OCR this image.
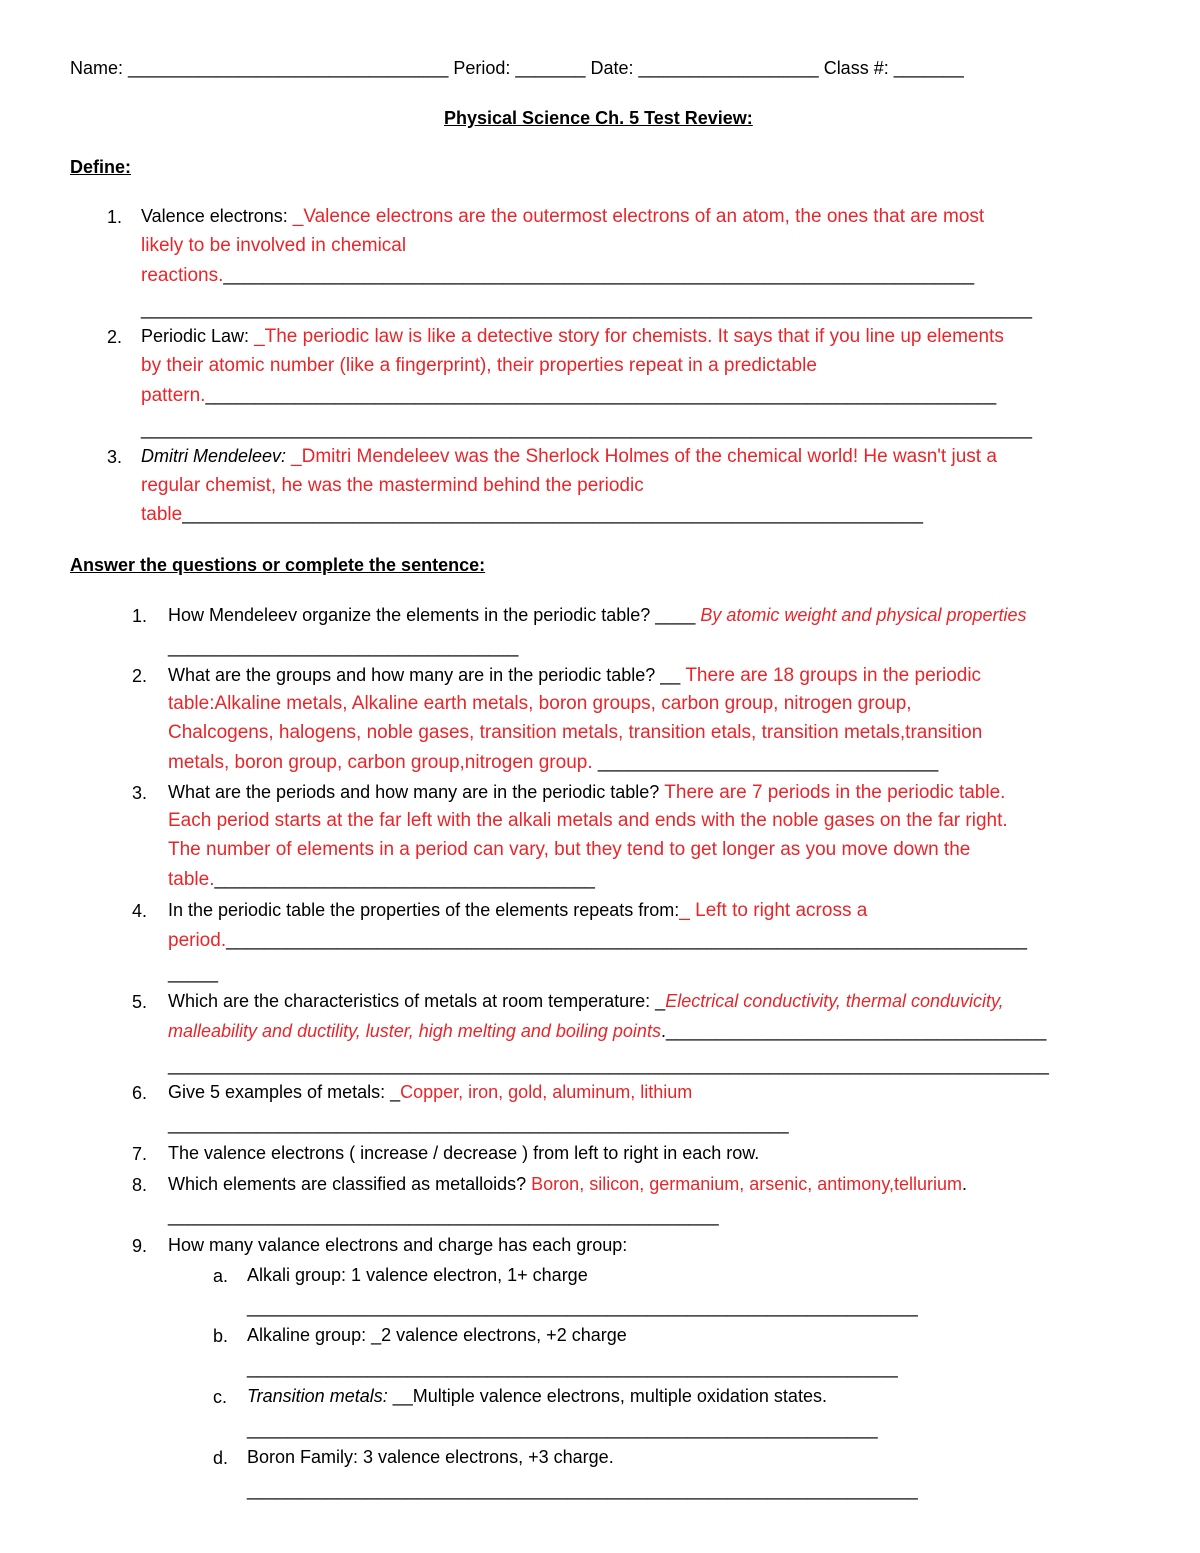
Name: ________________________________ Period: _______ Date: __________________ Class #: _______
Physical Science Ch. 5 Test Review:
Define:
1. Valence electrons: _Valence electrons are the outermost electrons of an atom, the ones that are most
likely to be involved in chemical
reactions.___________________________________________________________________________
_________________________________________________________________________________________
2. Periodic Law: _The periodic law is like a detective story for chemists. It says that if you line up elements
by their atomic number (like a fingerprint), their properties repeat in a predictable
pattern._______________________________________________________________________________
_________________________________________________________________________________________
3. Dmitri Mendeleev: _Dmitri Mendeleev was the Sherlock Holmes of the chemical world! He wasn't just a
regular chemist, he was the mastermind behind the periodic
table__________________________________________________________________________
Answer the questions or complete the sentence:
1. How Mendeleev organize the elements in the periodic table? ____ By atomic weight and physical properties
___________________________________
2. What are the groups and how many are in the periodic table? __ There are 18 groups in the periodic
table:Alkaline metals, Alkaline earth metals, boron groups, carbon group, nitrogen group,
Chalcogens, halogens, noble gases, transition metals, transition etals, transition metals,transition
metals, boron group, carbon group,nitrogen group. __________________________________
3. What are the periods and how many are in the periodic table? There are 7 periods in the periodic table.
Each period starts at the far left with the alkali metals and ends with the noble gases on the far right.
The number of elements in a period can vary, but they tend to get longer as you move down the
table.______________________________________
4. In the periodic table the properties of the elements repeats from:_ Left to right across a
period.________________________________________________________________________________
_____
5. Which are the characteristics of metals at room temperature: _Electrical conductivity, thermal conduvicity,
malleability and ductility, luster, high melting and boiling points.______________________________________
________________________________________________________________________________________
6. Give 5 examples of metals: _Copper, iron, gold, aluminum, lithium
______________________________________________________________
7. The valence electrons ( increase / decrease ) from left to right in each row.
8. Which elements are classified as metalloids? Boron, silicon, germanium, arsenic, antimony,tellurium.
_______________________________________________________
9. How many valance electrons and charge has each group:
a. Alkali group: 1 valence electron, 1+ charge
___________________________________________________________________
b. Alkaline group: _2 valence electrons, +2 charge
_________________________________________________________________
c. Transition metals: __Multiple valence electrons, multiple oxidation states.
_______________________________________________________________
d. Boron Family: 3 valence electrons, +3 charge.
___________________________________________________________________
